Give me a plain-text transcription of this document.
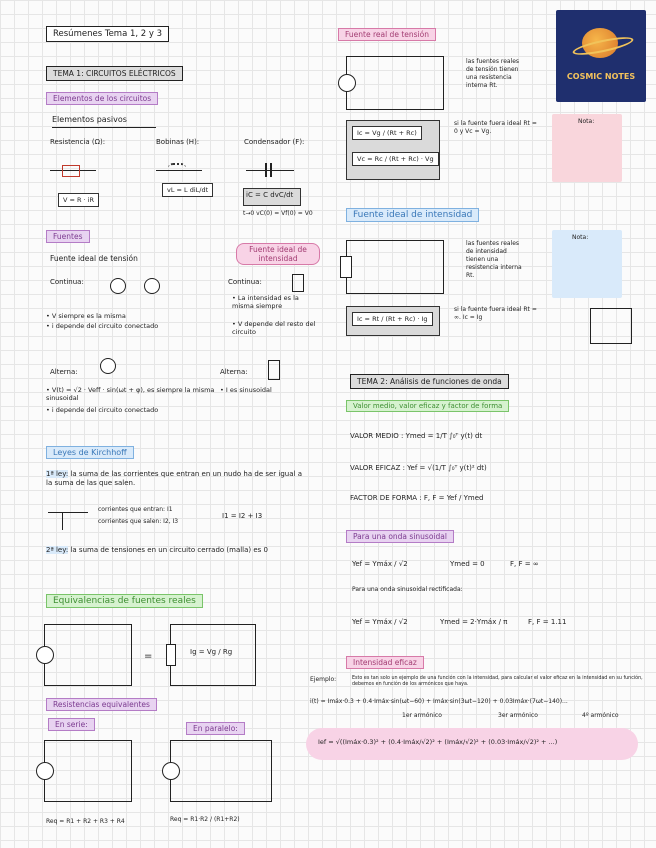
Resúmenes Tema 1, 2 y 3
TEMA 1: CIRCUITOS ELÉCTRICOS
Elementos de los circuitos
Elementos pasivos
Resistencia (Ω):
V = R · iR
Bobinas (H):
vL = L diL/dt
Condensador (F):
iC = C dvC/dt
t→0 vC(0) = Vf(0) = V0
Fuentes
Fuente ideal de tensión
Fuente ideal de intensidad
Continua:	Continua:
• V siempre es la misma
• i depende del circuito conectado
• La intensidad es la misma siempre
• V depende del resto del circuito
Alterna:	Alterna:
• V(t) = √2 · Veff · sin(ωt + φ), es siempre la misma sinusoidal
• i depende del circuito conectado
• I es sinusoidal
Leyes de Kirchhoff
1ª ley: la suma de las corrientes que entran en un nudo ha de ser igual a la suma de las que salen.
corrientes que entran: I1
corrientes que salen: I2, I3
I1 = I2 + I3
2ª ley: la suma de tensiones en un circuito cerrado (malla) es 0
Equivalencias de fuentes reales
=	Ig = Vg / Rg
Resistencias equivalentes
En serie:	En paralelo:
Req = R1 + R2 + R3 + R4	Req = R1·R2 / (R1+R2)
Fuente real de tensión
las fuentes reales de tensión tienen una resistencia interna Rt.
Ic = Vg / (Rt + Rc)
Vc = Rc / (Rt + Rc) · Vg
si la fuente fuera ideal Rt = 0 y Vc = Vg.
Nota:
COSMIC NOTES
Fuente ideal de intensidad
las fuentes reales de intensidad tienen una resistencia interna Rt.
Ic = Rt / (Rt + Rc) · Ig
si la fuente fuera ideal Rt = ∞. Ic = Ig
Nota:
TEMA 2: Análisis de funciones de onda
Valor medio, valor eficaz y factor de forma
VALOR MEDIO : Ymed = 1/T ∫₀ᵀ y(t) dt
VALOR EFICAZ : Yef = √(1/T ∫₀ᵀ y(t)² dt)
FACTOR DE FORMA : F, F = Yef / Ymed
Para una onda sinusoidal
Yef = Ymáx / √2	Ymed = 0	F, F = ∞
Para una onda sinusoidal rectificada:
Yef = Ymáx / √2	Ymed = 2·Ymáx / π	F, F = 1.11
Intensidad eficaz
Ejemplo:	Esto es tan solo un ejemplo de una función con la intensidad, para calcular el valor eficaz en la intensidad en su función, debemos en función de los armónicos que haya.
i(t) = Imáx·0.3 + 0.4·Imáx·sin(ωt−60) + Imáx·sin(3ωt−120) + 0.03Imáx·(7ωt−140)...
1er armónico	3er armónico	4º armónico
Ief = √((Imáx·0.3)² + (0.4·Imáx/√2)² + (Imáx/√2)² + (0.03·Imáx/√2)² + ...)
